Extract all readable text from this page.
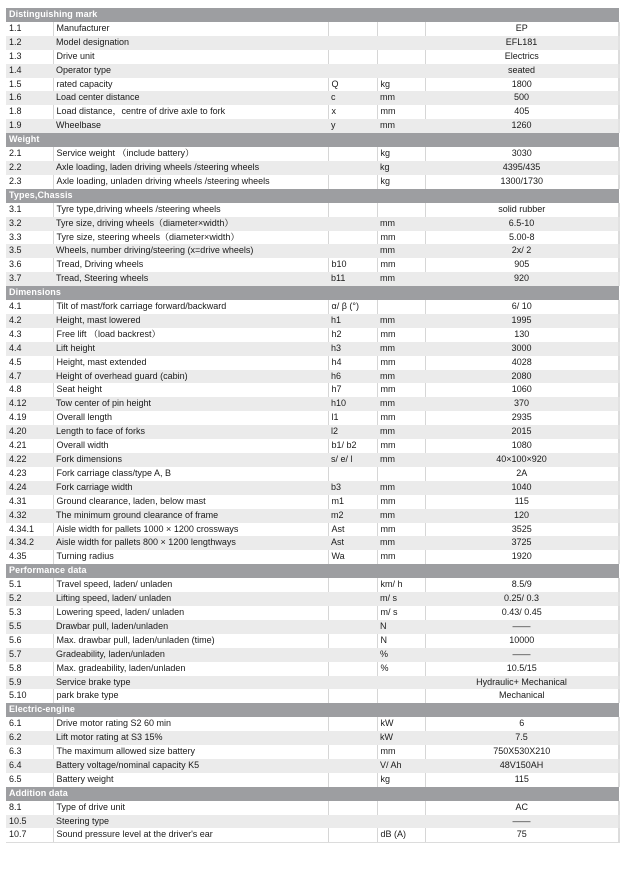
Distinguishing mark				
1.1	Manufacturer			EP
1.2	Model designation			EFL181
1.3	Drive unit			Electrics
1.4	Operator type			seated
1.5	rated capacity	Q	kg	1800
1.6	Load center distance	c	mm	500
1.8	Load distance，centre of drive axle to fork	x	mm	405
1.9	Wheelbase	y	mm	1260
Weight				
2.1	Service weight （include battery）		kg	3030
2.2	Axle loading, laden driving wheels /steering wheels		kg	4395/435
2.3	Axle loading, unladen driving wheels /steering wheels		kg	1300/1730
Types,Chassis				
3.1	Tyre type,driving wheels /steering wheels			solid rubber
3.2	Tyre size, driving wheels（diameter×width）		mm	6.5-10
3.3	Tyre size, steering wheels（diameter×width）		mm	5.00-8
3.5	Wheels, number driving/steering (x=drive wheels)		mm	2x/ 2
3.6	Tread, Driving wheels	b10	mm	905
3.7	Tread, Steering wheels	b11	mm	920
Dimensions				
4.1	Tilt of mast/fork carriage forward/backward	α/ β (°)		6/ 10
4.2	Height, mast lowered	h1	mm	1995
4.3	Free lift （load backrest）	h2	mm	130
4.4	Lift height	h3	mm	3000
4.5	Height, mast extended	h4	mm	4028
4.7	Height of overhead guard (cabin)	h6	mm	2080
4.8	Seat height	h7	mm	1060
4.12	Tow center of pin height	h10	mm	370
4.19	Overall length	l1	mm	2935
4.20	Length to face of forks	l2	mm	2015
4.21	Overall width	b1/ b2	mm	1080
4.22	Fork dimensions	s/ e/ l	mm	40×100×920
4.23	Fork carriage class/type A, B			2A
4.24	Fork carriage width	b3	mm	1040
4.31	Ground clearance, laden, below mast	m1	mm	115
4.32	The minimum ground clearance of frame	m2	mm	120
4.34.1	Aisle width for pallets 1000 × 1200 crossways	Ast	mm	3525
4.34.2	Aisle width for pallets 800 × 1200 lengthways	Ast	mm	3725
4.35	Turning radius	Wa	mm	1920
Performance data				
5.1	Travel speed, laden/ unladen		km/ h	8.5/9
5.2	Lifting speed, laden/ unladen		m/ s	0.25/ 0.3
5.3	Lowering speed, laden/ unladen		m/ s	0.43/ 0.45
5.5	Drawbar pull, laden/unladen		N	——
5.6	Max. drawbar pull, laden/unladen (time)		N	10000
5.7	Gradeability, laden/unladen		%	——
5.8	Max. gradeability, laden/unladen		%	10.5/15
5.9	Service brake type			Hydraulic+ Mechanical
5.10	park brake type			Mechanical
Electric-engine				
6.1	Drive motor rating S2 60 min		kW	6
6.2	Lift motor rating at S3 15%		kW	7.5
6.3	The maximum allowed size battery		mm	750X530X210
6.4	Battery voltage/nominal capacity K5		V/ Ah	48V150AH
6.5	Battery weight		kg	115
Addition data				
8.1	Type of drive unit			AC
10.5	Steering type			——
10.7	Sound pressure level at the driver's ear		dB (A)	75
